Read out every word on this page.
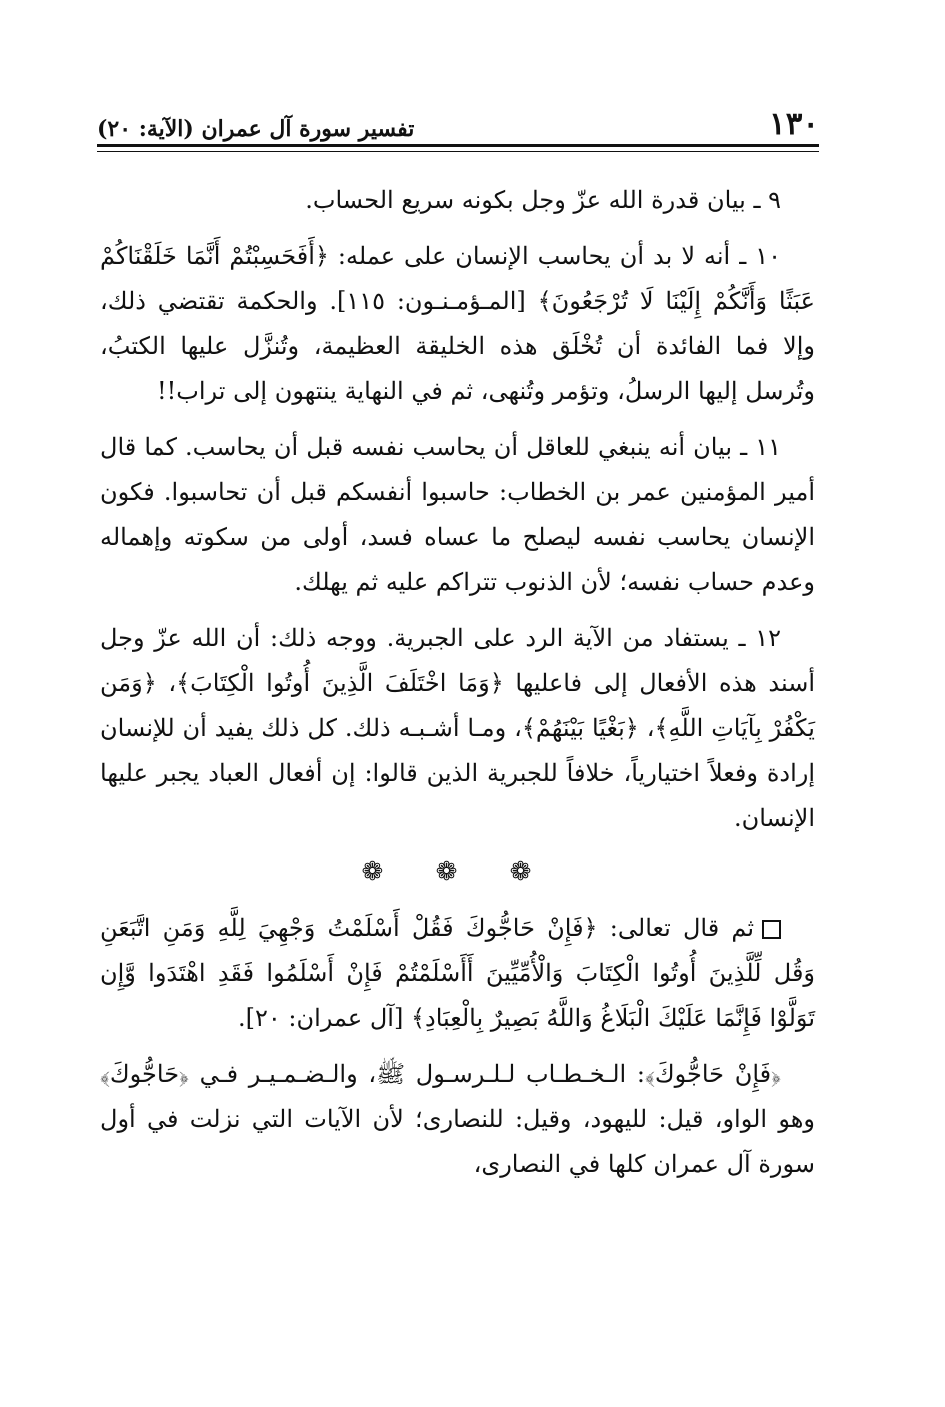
١٣٠
تفسير سورة آل عمران (الآية: ٢٠)

٩ ـ بيان قدرة الله عزّ وجل بكونه سريع الحساب.

١٠ ـ أنه لا بد أن يحاسب الإنسان على عمله: ﴿أَفَحَسِبْتُمْ أَنَّمَا خَلَقْنَاكُمْ عَبَثًا وَأَنَّكُمْ إِلَيْنَا لَا تُرْجَعُونَ﴾ [المـؤمـنـون: ١١٥]. والحكمة تقتضي ذلك، وإلا فما الفائدة أن تُخْلَق هذه الخليقة العظيمة، وتُنزَّل عليها الكتبُ، وتُرسل إليها الرسلُ، وتؤمر وتُنهى، ثم في النهاية ينتهون إلى تراب!!

١١ ـ بيان أنه ينبغي للعاقل أن يحاسب نفسه قبل أن يحاسب. كما قال أمير المؤمنين عمر بن الخطاب: حاسبوا أنفسكم قبل أن تحاسبوا. فكون الإنسان يحاسب نفسه ليصلح ما عساه فسد، أولى من سكوته وإهماله وعدم حساب نفسه؛ لأن الذنوب تتراكم عليه ثم يهلك.

١٢ ـ يستفاد من الآية الرد على الجبرية. ووجه ذلك: أن الله عزّ وجل أسند هذه الأفعال إلى فاعليها ﴿وَمَا اخْتَلَفَ الَّذِينَ أُوتُوا الْكِتَابَ﴾، ﴿وَمَن يَكْفُرْ بِآيَاتِ اللَّهِ﴾، ﴿بَغْيًا بَيْنَهُمْ﴾، ومـا أشـبـه ذلك. كل ذلك يفيد أن للإنسان إرادة وفعلاً اختيارياً، خلافاً للجبرية الذين قالوا: إن أفعال العباد يجبر عليها الإنسان.

❁ ❁ ❁

ثم قال تعالى: ﴿فَإِنْ حَاجُّوكَ فَقُلْ أَسْلَمْتُ وَجْهِيَ لِلَّهِ وَمَنِ اتَّبَعَنِ وَقُل لِّلَّذِينَ أُوتُوا الْكِتَابَ وَالْأُمِّيِّينَ أَأَسْلَمْتُمْ فَإِنْ أَسْلَمُوا فَقَدِ اهْتَدَوا وَّإِن تَوَلَّوْا فَإِنَّمَا عَلَيْكَ الْبَلَاغُ وَاللَّهُ بَصِيرٌ بِالْعِبَادِ﴾ [آل عمران: ٢٠].

﴿فَإِنْ حَاجُّوكَ﴾: الـخـطـاب لـلـرسـول ﷺ، والـضـمـيـر فـي ﴿حَاجُّوكَ﴾ وهو الواو، قيل: لليهود، وقيل: للنصارى؛ لأن الآيات التي نزلت في أول سورة آل عمران كلها في النصارى،
